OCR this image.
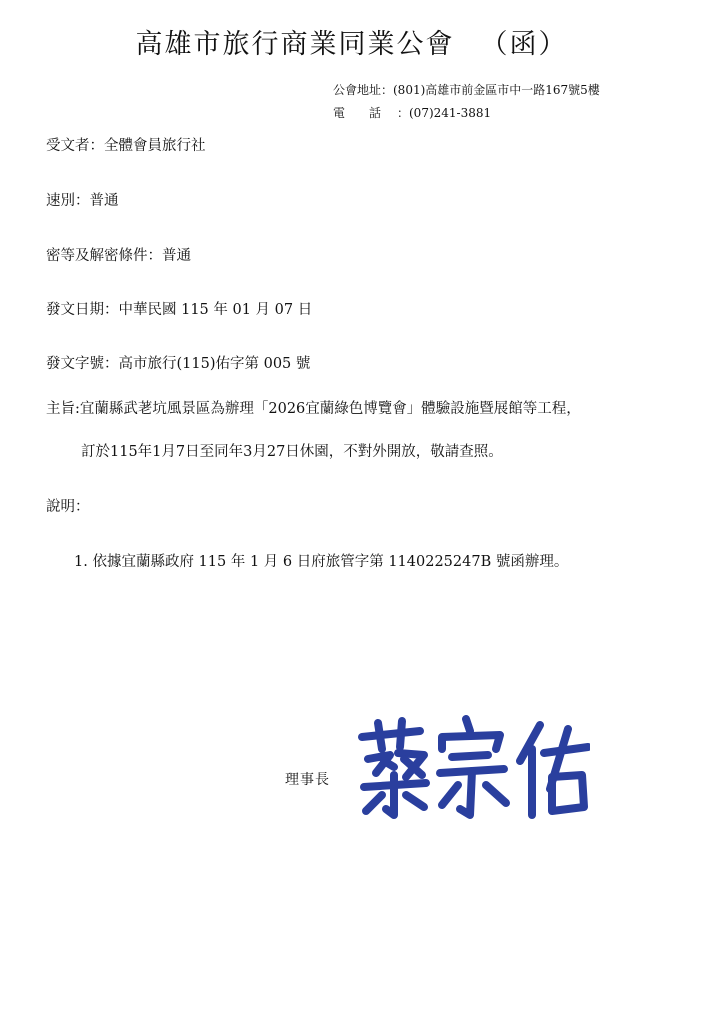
高雄市旅行商業同業公會 （函）
公會地址：(801)高雄市前金區市中一路167號5樓
電　　話 ：(07)241-3881
受文者：全體會員旅行社
速別：普通
密等及解密條件：普通
發文日期：中華民國 115 年 01 月 07 日
發文字號：高市旅行(115)佑字第 005 號
主旨:宜蘭縣武荖坑風景區為辦理「2026宜蘭綠色博覽會」體驗設施暨展館等工程，
訂於115年1月7日至同年3月27日休園，不對外開放，敬請查照。
說明：
1. 依據宜蘭縣政府 115 年 1 月 6 日府旅管字第 1140225247B 號函辦理。
理事長
